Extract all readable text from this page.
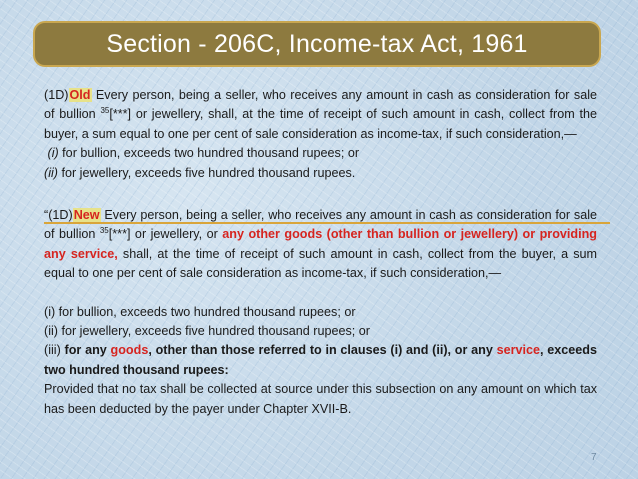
Section - 206C, Income-tax Act, 1961

(1D)Old Every person, being a seller, who receives any amount in cash as consideration for sale of bullion $^{35}$[***] or jewellery, shall, at the time of receipt of such amount in cash, collect from the buyer, a sum equal to one per cent of sale consideration as income-tax, if such consideration,—

(i) for bullion, exceeds two hundred thousand rupees; or

(ii) for jewellery, exceeds five hundred thousand rupees.

“(1D)New Every person, being a seller, who receives any amount in cash as consideration for sale of bullion $^{35}$[***] or jewellery, or any other goods (other than bullion or jewellery) or providing any service, shall, at the time of receipt of such amount in cash, collect from the buyer, a sum equal to one per cent of sale consideration as income-tax, if such consideration,—

(i) for bullion, exceeds two hundred thousand rupees; or

(ii) for jewellery, exceeds five hundred thousand rupees; or

(iii) for any goods, other than those referred to in clauses (i) and (ii), or any service, exceeds two hundred thousand rupees:

Provided that no tax shall be collected at source under this subsection on any amount on which tax has been deducted by the payer under Chapter XVII-B.

7
